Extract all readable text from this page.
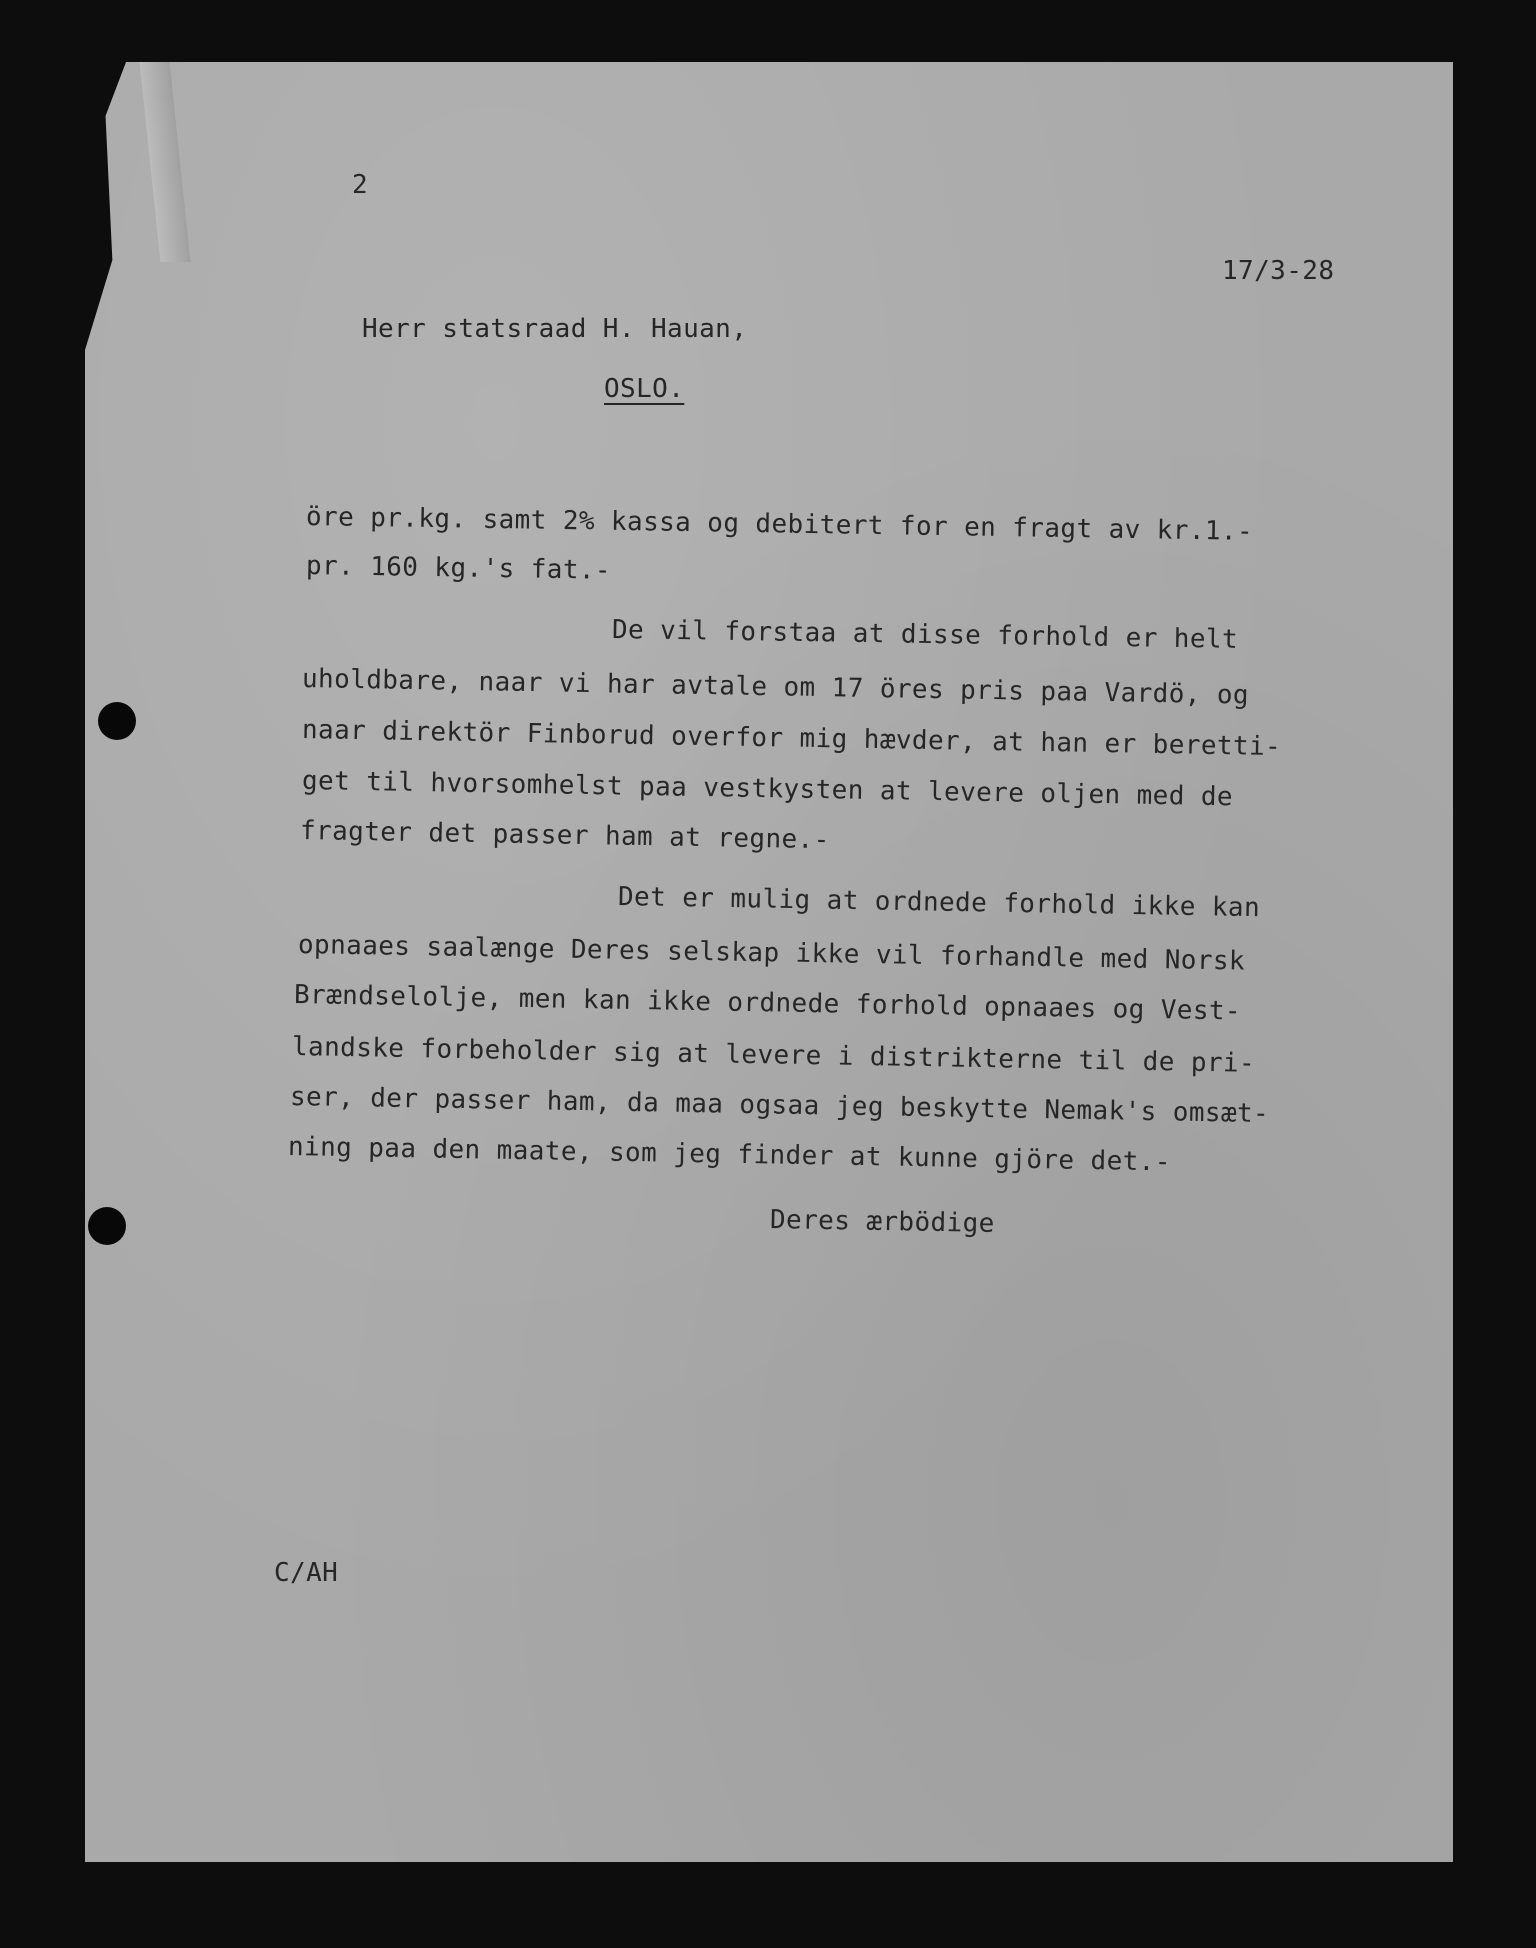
2
17/3-28
Herr statsraad H. Hauan,
OSLO.
öre pr.kg. samt 2% kassa og debitert for en fragt av kr.1.-
pr. 160 kg.'s fat.-
De vil forstaa at disse forhold er helt
uholdbare, naar vi har avtale om 17 öres pris paa Vardö, og
naar direktör Finborud overfor mig hævder, at han er beretti-
get til hvorsomhelst paa vestkysten at levere oljen med de
fragter det passer ham at regne.-
Det er mulig at ordnede forhold ikke kan
opnaaes saalænge Deres selskap ikke vil forhandle med Norsk
Brændselolje, men kan ikke ordnede forhold opnaaes og Vest-
landske forbeholder sig at levere i distrikterne til de pri-
ser, der passer ham, da maa ogsaa jeg beskytte Nemak's omsæt-
ning paa den maate, som jeg finder at kunne gjöre det.-
Deres ærbödige
C/AH
